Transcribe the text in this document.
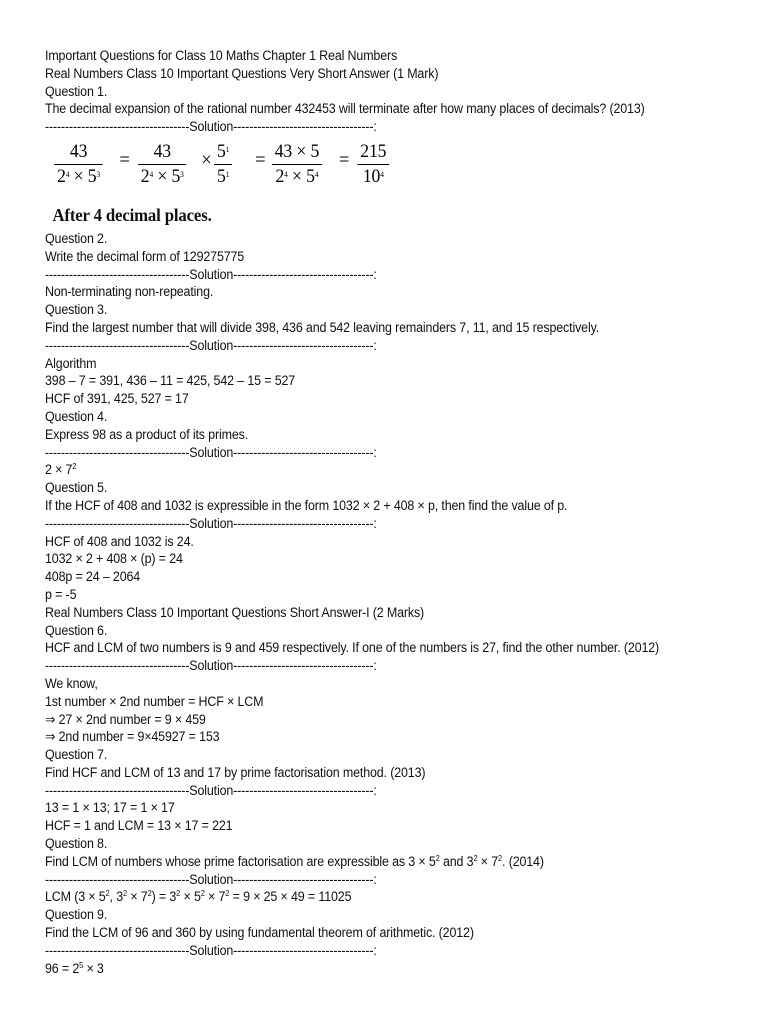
Important Questions for Class 10 Maths Chapter 1 Real Numbers
Real Numbers Class 10 Important Questions Very Short Answer (1 Mark)
Question 1.
The decimal expansion of the rational number 432453 will terminate after how many places of decimals? (2013)
------------------------------------Solution-----------------------------------:
43
$2^4 \times 5^3$
= 43
$2^4 \times 5^3$
× $5^1$
$5^1$
= 43 × 5
$2^4 \times 5^4$
= 215
$10^4$
After 4 decimal places.
Question 2.
Write the decimal form of 129275775
------------------------------------Solution-----------------------------------:
Non-terminating non-repeating.
Question 3.
Find the largest number that will divide 398, 436 and 542 leaving remainders 7, 11, and 15 respectively.
------------------------------------Solution-----------------------------------:
Algorithm
398 – 7 = 391, 436 – 11 = 425, 542 – 15 = 527
HCF of 391, 425, 527 = 17
Question 4.
Express 98 as a product of its primes.
------------------------------------Solution-----------------------------------:
$2 \times 7^2$
Question 5.
If the HCF of 408 and 1032 is expressible in the form 1032 × 2 + 408 × p, then find the value of p.
------------------------------------Solution-----------------------------------:
HCF of 408 and 1032 is 24.
1032 × 2 + 408 × (p) = 24
408p = 24 – 2064
p = -5
Real Numbers Class 10 Important Questions Short Answer-I (2 Marks)
Question 6.
HCF and LCM of two numbers is 9 and 459 respectively. If one of the numbers is 27, find the other number. (2012)
------------------------------------Solution-----------------------------------:
We know,
1st number × 2nd number = HCF × LCM
⇒ 27 × 2nd number = 9 × 459
⇒ 2nd number = 9×45927 = 153
Question 7.
Find HCF and LCM of 13 and 17 by prime factorisation method. (2013)
------------------------------------Solution-----------------------------------:
13 = 1 × 13; 17 = 1 × 17
HCF = 1 and LCM = 13 × 17 = 221
Question 8.
Find LCM of numbers whose prime factorisation are expressible as $3 \times 5^2$ and $3^2 \times 7^2$. (2014)
------------------------------------Solution-----------------------------------:
LCM ($3 \times 5^2$, $3^2 \times 7^2) = 3^2 \times 5^2 \times 7^2 = 9 \times 25 \times 49 = 11025$
Question 9.
Find the LCM of 96 and 360 by using fundamental theorem of arithmetic. (2012)
------------------------------------Solution-----------------------------------:
$96 = 2^5 \times 3$
